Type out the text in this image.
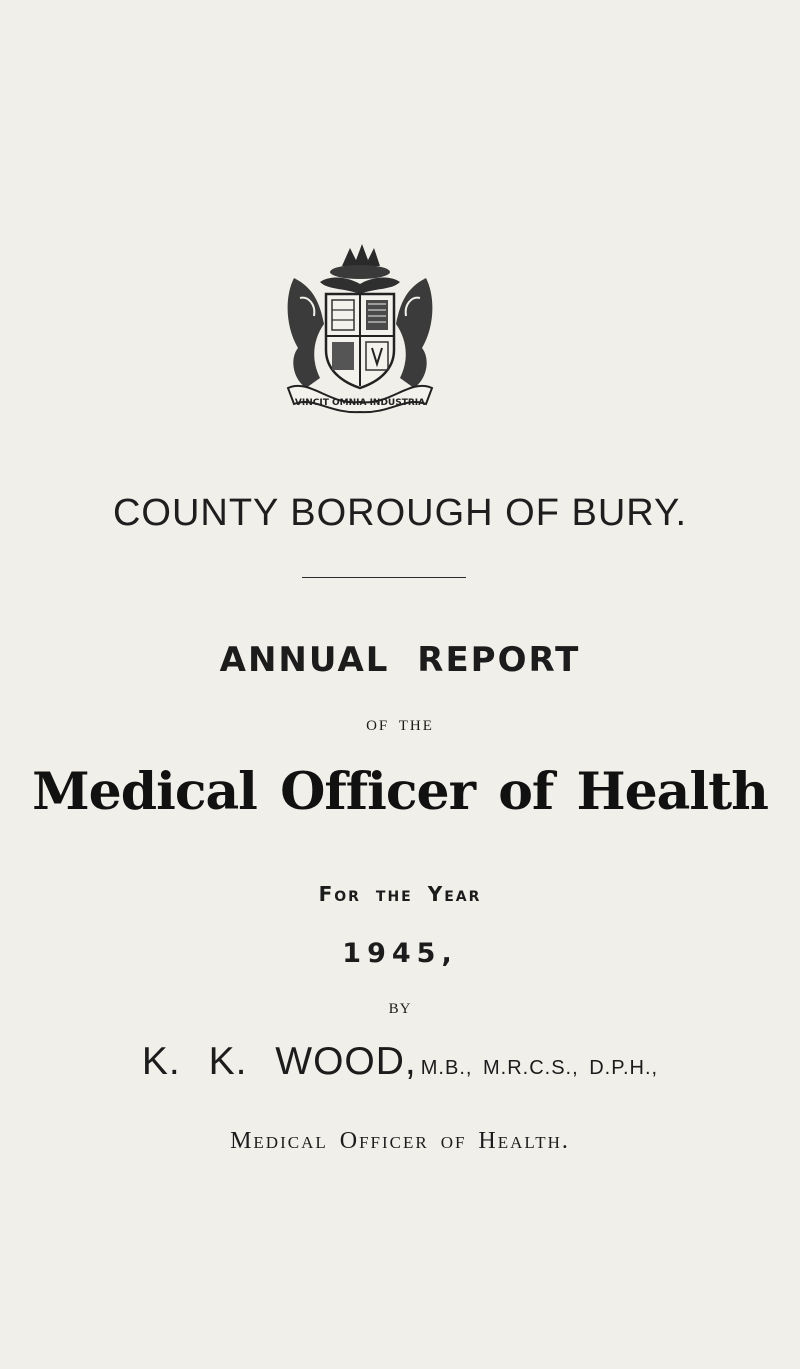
VINCIT OMNIA INDUSTRIA
COUNTY BOROUGH OF BURY.
ANNUAL REPORT
OF THE
Medical Officer of Health
For the Year
1945,
BY
K. K. WOOD, M.B., M.R.C.S., D.P.H.,
Medical Officer of Health.
